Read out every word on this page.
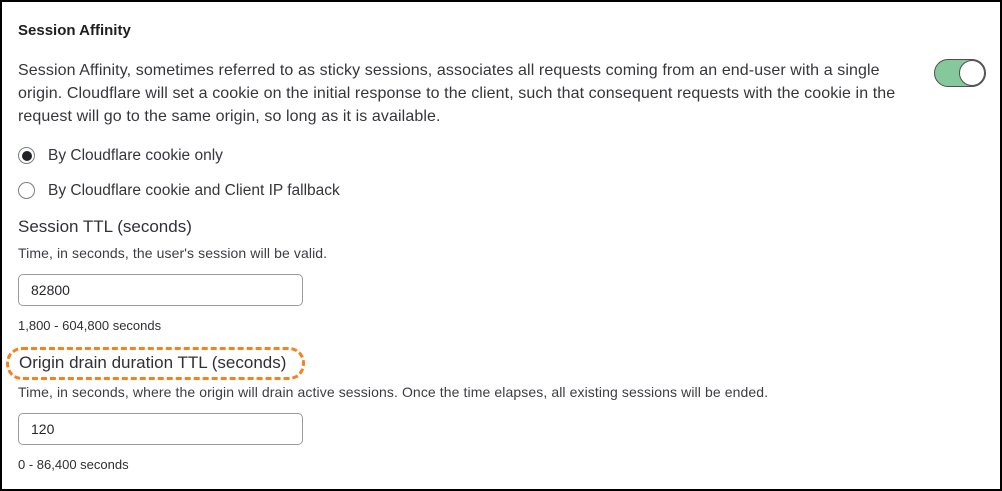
Session Affinity
Session Affinity, sometimes referred to as sticky sessions, associates all requests coming from an end-user with a single origin. Cloudflare will set a cookie on the initial response to the client, such that consequent requests with the cookie in the request will go to the same origin, so long as it is available.
By Cloudflare cookie only
By Cloudflare cookie and Client IP fallback
Session TTL (seconds)
Time, in seconds, the user's session will be valid.
82800
1,800 - 604,800 seconds
Origin drain duration TTL (seconds)
Time, in seconds, where the origin will drain active sessions. Once the time elapses, all existing sessions will be ended.
120
0 - 86,400 seconds
